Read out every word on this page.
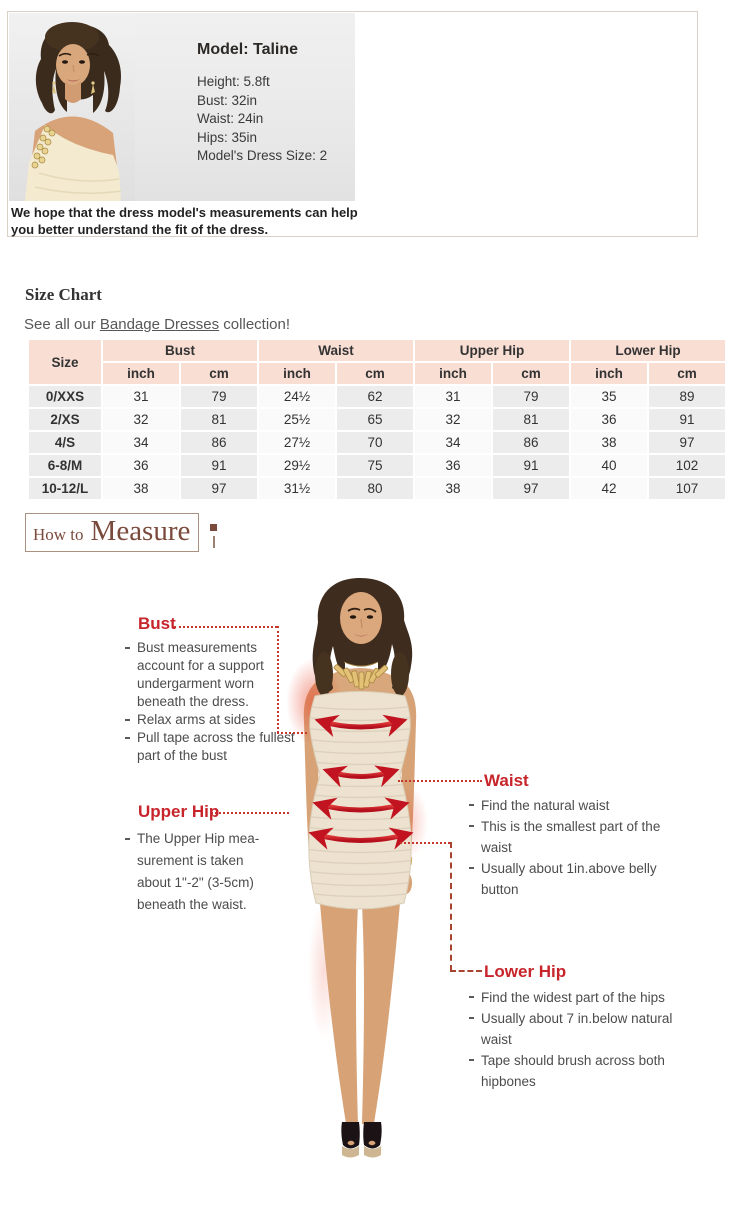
Model: Taline

Height: 5.8ft

Bust: 32in

Waist: 24in

Hips: 35in

Model's Dress Size: 2

We hope that the dress model's measurements can help you better understand the fit of the dress.
Size Chart
See all our Bandage Dresses collection!
Size	Bust		Waist		Upper Hip		Lower Hip	
	inch	cm	inch	cm	inch	cm	inch	cm
0/XXS	31	79	24½	62	31	79	35	89
2/XS	32	81	25½	65	32	81	36	91
4/S	34	86	27½	70	34	86	38	97
6-8/M	36	91	29½	75	36	91	40	102
10-12/L	38	97	31½	80	38	97	42	107
How to Measure

Bust

Bust measurements account for a support undergarment worn beneath the dress.
Relax arms at sides
Pull tape across the fullest part of the bust

Upper Hip

The Upper Hip mea-surement is taken about 1"-2" (3-5cm) beneath the waist.

Waist

Find the natural waist
This is the smallest part of the waist
Usually about 1in.above belly button

Lower Hip

Find the widest part of the hips
Usually about 7 in.below natural waist
Tape should brush across both hipbones
